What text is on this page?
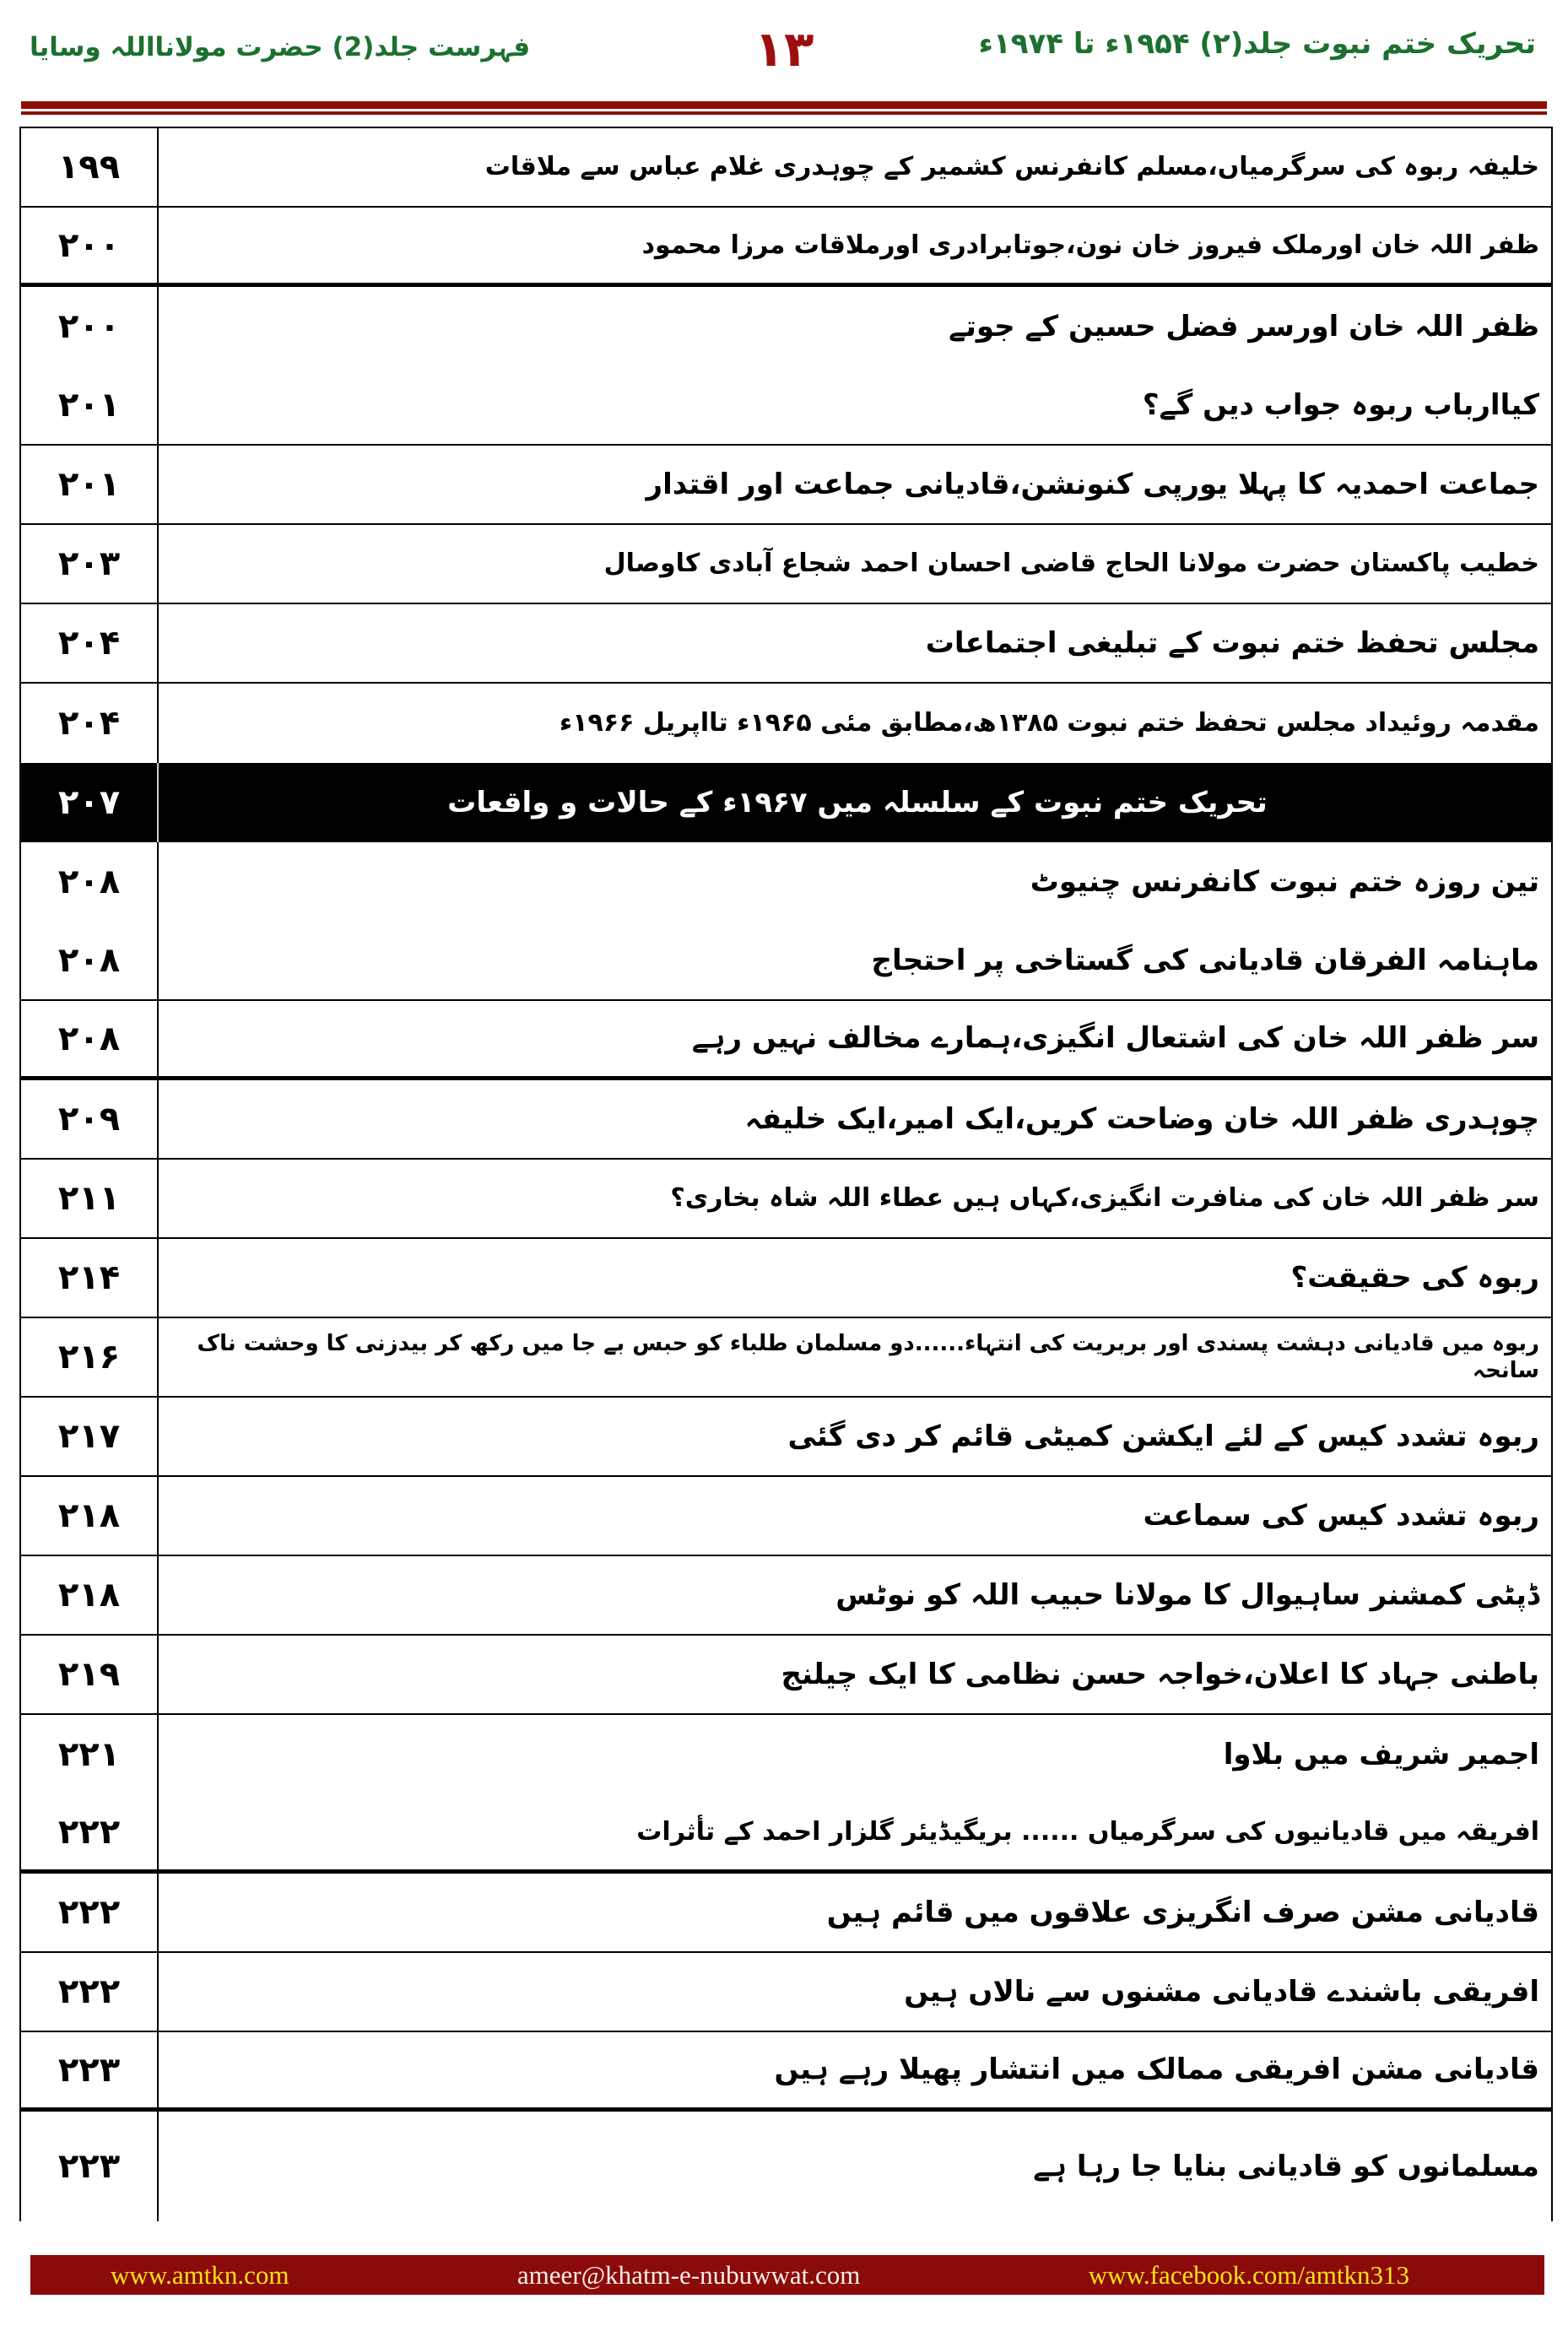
فہرست جلد(2) حضرت مولانااللہ وسایا	۱۳	تحریک ختم نبوت جلد(۲) ۱۹۵۴ء تا ۱۹۷۴ء
۱۹۹	خلیفہ ربوہ کی سرگرمیاں،مسلم کانفرنس کشمیر کے چوہدری غلام عباس سے ملاقات
۲۰۰	ظفر اللہ خان اورملک فیروز خان نون،جوتابرادری اورملاقات مرزا محمود
۲۰۰	ظفر اللہ خان اورسر فضل حسین کے جوتے
۲۰۱	کیاارباب ربوہ جواب دیں گے؟
۲۰۱	جماعت احمدیہ کا پہلا یورپی کنونشن،قادیانی جماعت اور اقتدار
۲۰۳	خطیب پاکستان حضرت مولانا الحاج قاضی احسان احمد شجاع آبادی کاوصال
۲۰۴	مجلس تحفظ ختم نبوت کے تبلیغی اجتماعات
۲۰۴	مقدمہ روئیداد مجلس تحفظ ختم نبوت ۱۳۸۵ھ،مطابق مئی ۱۹۶۵ء تااپریل ۱۹۶۶ء
۲۰۷	تحریک ختم نبوت کے سلسلہ میں ۱۹۶۷ء کے حالات و واقعات
۲۰۸	تین روزہ ختم نبوت کانفرنس چنیوٹ
۲۰۸	ماہنامہ الفرقان قادیانی کی گستاخی پر احتجاج
۲۰۸	سر ظفر اللہ خان کی اشتعال انگیزی،ہمارے مخالف نہیں رہے
۲۰۹	چوہدری ظفر اللہ خان وضاحت کریں،ایک امیر،ایک خلیفہ
۲۱۱	سر ظفر اللہ خان کی منافرت انگیزی،کہاں ہیں عطاء اللہ شاہ بخاری؟
۲۱۴	ربوہ کی حقیقت؟
۲۱۶	ربوہ میں قادیانی دہشت پسندی اور بربریت کی انتہاء......دو مسلمان طلباء کو حبس بے جا میں رکھ کر بیدزنی کا وحشت ناک سانحہ
۲۱۷	ربوہ تشدد کیس کے لئے ایکشن کمیٹی قائم کر دی گئی
۲۱۸	ربوہ تشدد کیس کی سماعت
۲۱۸	ڈپٹی کمشنر ساہیوال کا مولانا حبیب اللہ کو نوٹس
۲۱۹	باطنی جہاد کا اعلان،خواجہ حسن نظامی کا ایک چیلنج
۲۲۱	اجمیر شریف میں بلاوا
۲۲۲	افریقہ میں قادیانیوں کی سرگرمیاں ...... بریگیڈیئر گلزار احمد کے تأثرات
۲۲۲	قادیانی مشن صرف انگریزی علاقوں میں قائم ہیں
۲۲۲	افریقی باشندے قادیانی مشنوں سے نالاں ہیں
۲۲۳	قادیانی مشن افریقی ممالک میں انتشار پھیلا رہے ہیں
۲۲۳	مسلمانوں کو قادیانی بنایا جا رہا ہے
www.amtkn.com	ameer@khatm-e-nubuwwat.com	www.facebook.com/amtkn313
